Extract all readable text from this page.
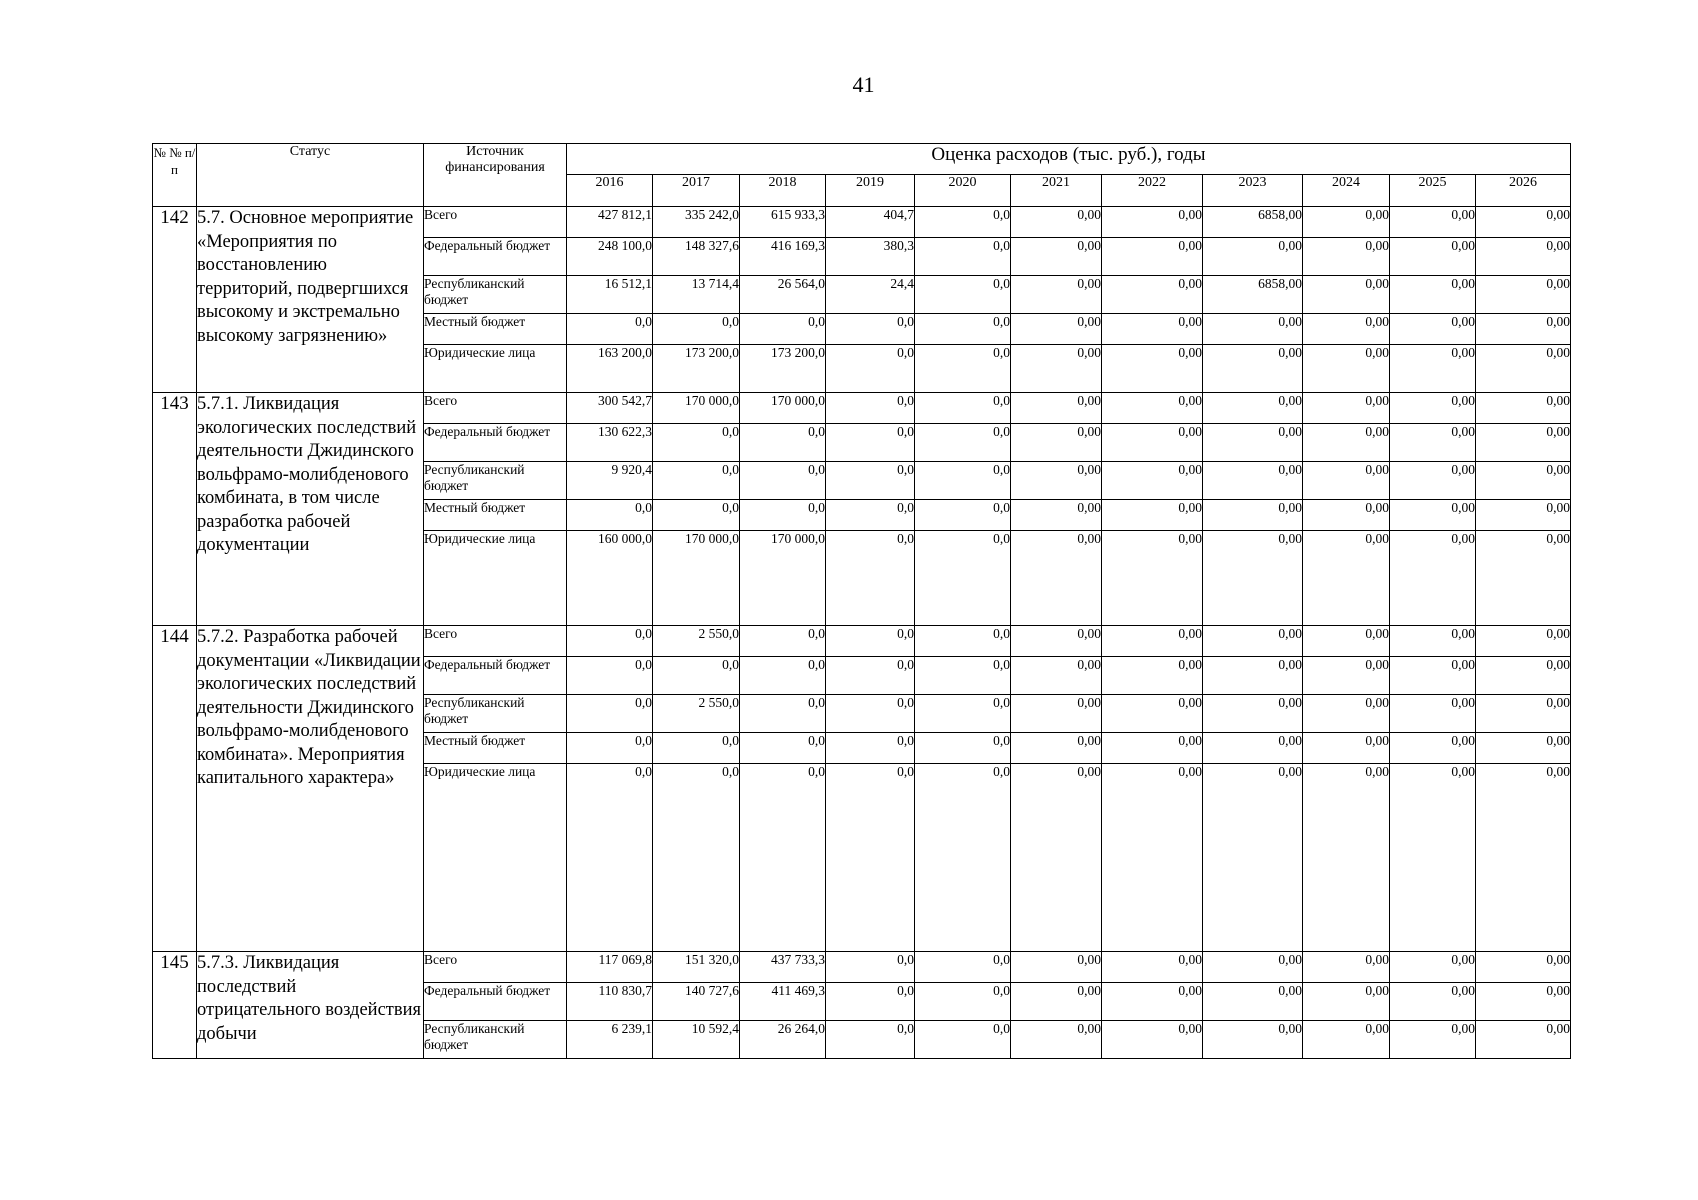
41
№ № п/п	Статус	Источник финансирования	Оценка расходов (тыс. руб.), годы										
			2016	2017	2018	2019	2020	2021	2022	2023	2024	2025	2026
142	5.7. Основное мероприятие «Мероприятия по восстановлению территорий, подвергшихся высокому и экстремально высокому загрязнению»	Всего	427 812,1	335 242,0	615 933,3	404,7	0,0	0,00	0,00	6858,00	0,00	0,00	0,00
		Федеральный бюджет	248 100,0	148 327,6	416 169,3	380,3	0,0	0,00	0,00	0,00	0,00	0,00	0,00
		Республиканский бюджет	16 512,1	13 714,4	26 564,0	24,4	0,0	0,00	0,00	6858,00	0,00	0,00	0,00
		Местный бюджет	0,0	0,0	0,0	0,0	0,0	0,00	0,00	0,00	0,00	0,00	0,00
		Юридические лица	163 200,0	173 200,0	173 200,0	0,0	0,0	0,00	0,00	0,00	0,00	0,00	0,00
143	5.7.1. Ликвидация экологических последствий деятельности Джидинского вольфрамо-молибденового комбината, в том числе разработка рабочей документации	Всего	300 542,7	170 000,0	170 000,0	0,0	0,0	0,00	0,00	0,00	0,00	0,00	0,00
		Федеральный бюджет	130 622,3	0,0	0,0	0,0	0,0	0,00	0,00	0,00	0,00	0,00	0,00
		Республиканский бюджет	9 920,4	0,0	0,0	0,0	0,0	0,00	0,00	0,00	0,00	0,00	0,00
		Местный бюджет	0,0	0,0	0,0	0,0	0,0	0,00	0,00	0,00	0,00	0,00	0,00
		Юридические лица	160 000,0	170 000,0	170 000,0	0,0	0,0	0,00	0,00	0,00	0,00	0,00	0,00
144	5.7.2. Разработка рабочей документации «Ликвидации экологических последствий деятельности Джидинского вольфрамо-молибденового комбината». Мероприятия капитального характера»	Всего	0,0	2 550,0	0,0	0,0	0,0	0,00	0,00	0,00	0,00	0,00	0,00
		Федеральный бюджет	0,0	0,0	0,0	0,0	0,0	0,00	0,00	0,00	0,00	0,00	0,00
		Республиканский бюджет	0,0	2 550,0	0,0	0,0	0,0	0,00	0,00	0,00	0,00	0,00	0,00
		Местный бюджет	0,0	0,0	0,0	0,0	0,0	0,00	0,00	0,00	0,00	0,00	0,00
		Юридические лица	0,0	0,0	0,0	0,0	0,0	0,00	0,00	0,00	0,00	0,00	0,00
145	5.7.3. Ликвидация последствий отрицательного воздействия добычи	Всего	117 069,8	151 320,0	437 733,3	0,0	0,0	0,00	0,00	0,00	0,00	0,00	0,00
		Федеральный бюджет	110 830,7	140 727,6	411 469,3	0,0	0,0	0,00	0,00	0,00	0,00	0,00	0,00
		Республиканский бюджет	6 239,1	10 592,4	26 264,0	0,0	0,0	0,00	0,00	0,00	0,00	0,00	0,00
